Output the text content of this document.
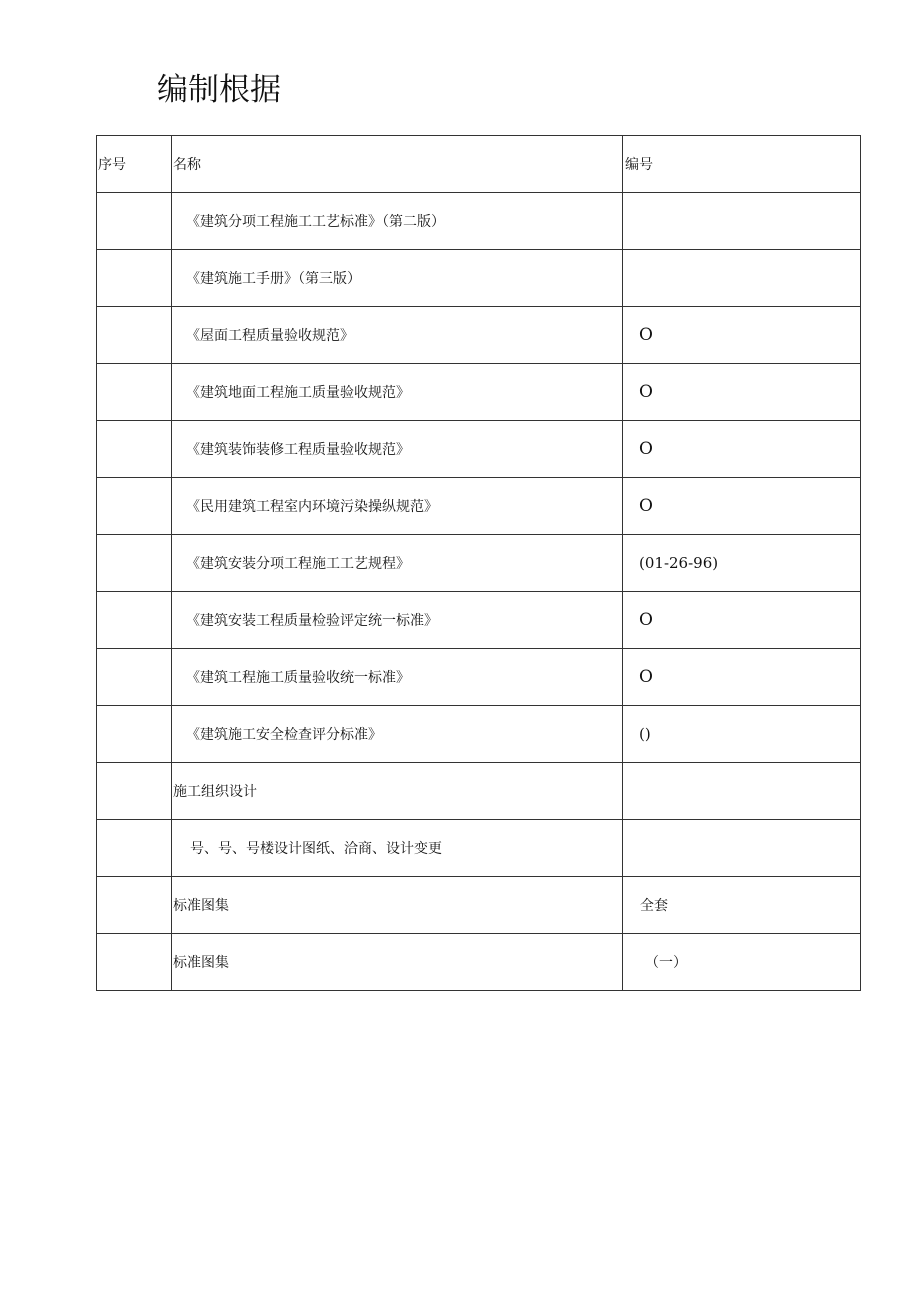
编制根据
序号	名称	编号
	《建筑分项工程施工工艺标准》（第二版）	
	《建筑施工手册》（第三版）	
	《屋面工程质量验收规范》	O
	《建筑地面工程施工质量验收规范》	O
	《建筑装饰装修工程质量验收规范》	O
	《民用建筑工程室内环境污染操纵规范》	O
	《建筑安装分项工程施工工艺规程》	(01-26-96)
	《建筑安装工程质量检验评定统一标准》	O
	《建筑工程施工质量验收统一标准》	O
	《建筑施工安全检查评分标准》	()
	施工组织设计	
	号、号、号楼设计图纸、洽商、设计变更	
	标准图集	全套
	标准图集	（一）
